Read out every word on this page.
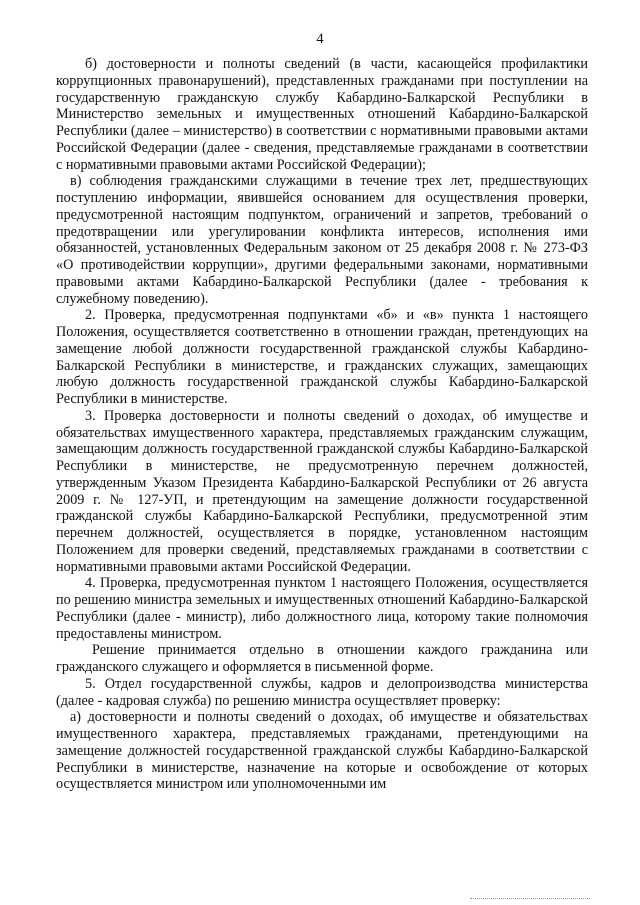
4

б) достоверности и полноты сведений (в части, касающейся профилактики коррупционных правонарушений), представленных гражданами при поступлении на государственную гражданскую службу Кабардино-Балкарской Республики в Министерство земельных и имущественных отношений Кабардино-Балкарской Республики (далее – министерство) в соответствии с нормативными правовыми актами Российской Федерации (далее - сведения, представляемые гражданами в соответствии с нормативными правовыми актами Российской Федерации);

в) соблюдения гражданскими служащими в течение трех лет, предшествующих поступлению информации, явившейся основанием для осуществления проверки, предусмотренной настоящим подпунктом, ограничений и запретов, требований о предотвращении или урегулировании конфликта интересов, исполнения ими обязанностей, установленных Федеральным законом от 25 декабря 2008 г. № 273-ФЗ «О противодействии коррупции», другими федеральными законами, нормативными правовыми актами Кабардино-Балкарской Республики (далее - требования к служебному поведению).

2. Проверка, предусмотренная подпунктами «б» и «в» пункта 1 настоящего Положения, осуществляется соответственно в отношении граждан, претендующих на замещение любой должности государственной гражданской службы Кабардино-Балкарской Республики в министерстве, и гражданских служащих, замещающих любую должность государственной гражданской службы Кабардино-Балкарской Республики в министерстве.

3. Проверка достоверности и полноты сведений о доходах, об имуществе и обязательствах имущественного характера, представляемых гражданским служащим, замещающим должность государственной гражданской службы Кабардино-Балкарской Республики в министерстве, не предусмотренную перечнем должностей, утвержденным Указом Президента Кабардино-Балкарской Республики от 26 августа 2009 г. № 127-УП, и претендующим на замещение должности государственной гражданской службы Кабардино-Балкарской Республики, предусмотренной этим перечнем должностей, осуществляется в порядке, установленном настоящим Положением для проверки сведений, представляемых гражданами в соответствии с нормативными правовыми актами Российской Федерации.

4. Проверка, предусмотренная пунктом 1 настоящего Положения, осуществляется по решению министра земельных и имущественных отношений Кабардино-Балкарской Республики (далее - министр), либо должностного лица, которому такие полномочия предоставлены министром.

Решение принимается отдельно в отношении каждого гражданина или гражданского служащего и оформляется в письменной форме.

5. Отдел государственной службы, кадров и делопроизводства министерства (далее - кадровая служба) по решению министра осуществляет проверку:

а) достоверности и полноты сведений о доходах, об имуществе и обязательствах имущественного характера, представляемых гражданами, претендующими на замещение должностей государственной гражданской службы Кабардино-Балкарской Республики в министерстве, назначение на которые и освобождение от которых осуществляется министром или уполномоченными им
